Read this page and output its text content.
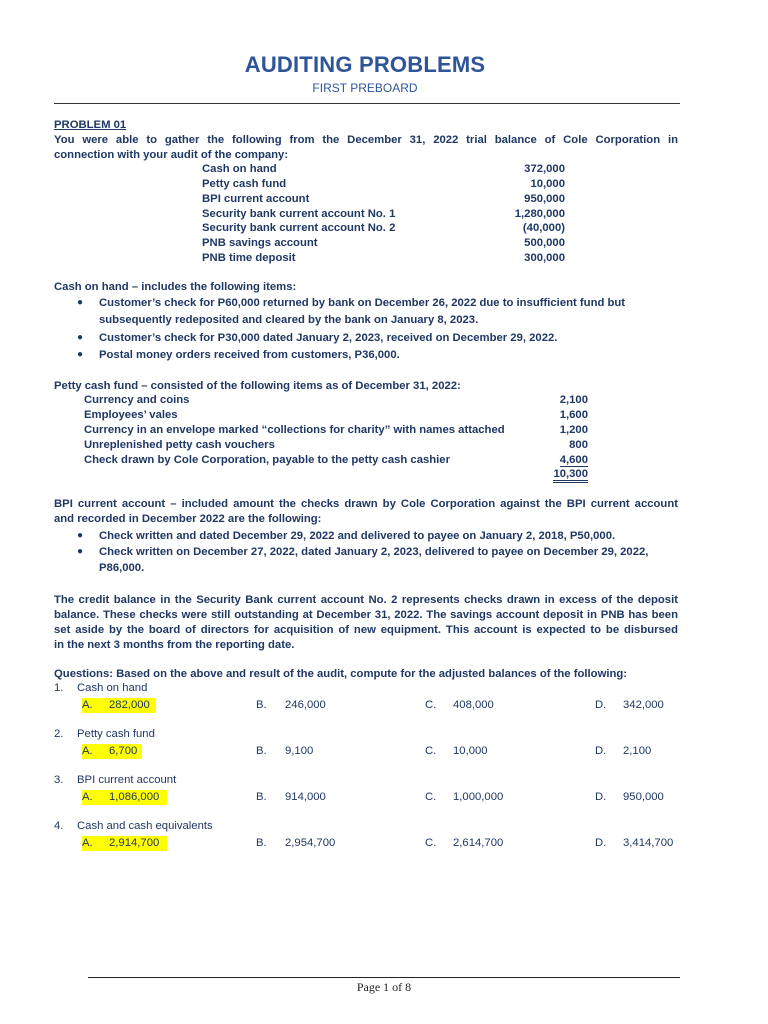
AUDITING PROBLEMS
FIRST PREBOARD
PROBLEM 01
You were able to gather the following from the December 31, 2022 trial balance of Cole Corporation in
connection with your audit of the company:
Cash on hand	372,000
Petty cash fund	10,000
BPI current account	950,000
Security bank current account No. 1	1,280,000
Security bank current account No. 2	(40,000)
PNB savings account	500,000
PNB time deposit	300,000
Cash on hand – includes the following items:
● Customer’s check for P60,000 returned by bank on December 26, 2022 due to insufficient fund but
subsequently redeposited and cleared by the bank on January 8, 2023.
● Customer’s check for P30,000 dated January 2, 2023, received on December 29, 2022.
● Postal money orders received from customers, P36,000.
Petty cash fund – consisted of the following items as of December 31, 2022:
Currency and coins	2,100
Employees’ vales	1,600
Currency in an envelope marked “collections for charity” with names attached	1,200
Unreplenished petty cash vouchers	800
Check drawn by Cole Corporation, payable to the petty cash cashier	4,600
10,300
BPI current account – included amount the checks drawn by Cole Corporation against the BPI current account
and recorded in December 2022 are the following:
● Check written and dated December 29, 2022 and delivered to payee on January 2, 2018, P50,000.
● Check written on December 27, 2022, dated January 2, 2023, delivered to payee on December 29, 2022,
P86,000.
The credit balance in the Security Bank current account No. 2 represents checks drawn in excess of the deposit
balance. These checks were still outstanding at December 31, 2022. The savings account deposit in PNB has been
set aside by the board of directors for acquisition of new equipment. This account is expected to be disbursed
in the next 3 months from the reporting date.
Questions: Based on the above and result of the audit, compute for the adjusted balances of the following:
1. Cash on hand
A. 282,000	B. 246,000	C. 408,000	D. 342,000
2. Petty cash fund
A. 6,700	B. 9,100	C. 10,000	D. 2,100
3. BPI current account
A. 1,086,000	B. 914,000	C. 1,000,000	D. 950,000
4. Cash and cash equivalents
A. 2,914,700	B. 2,954,700	C. 2,614,700	D. 3,414,700
Page 1 of 8
